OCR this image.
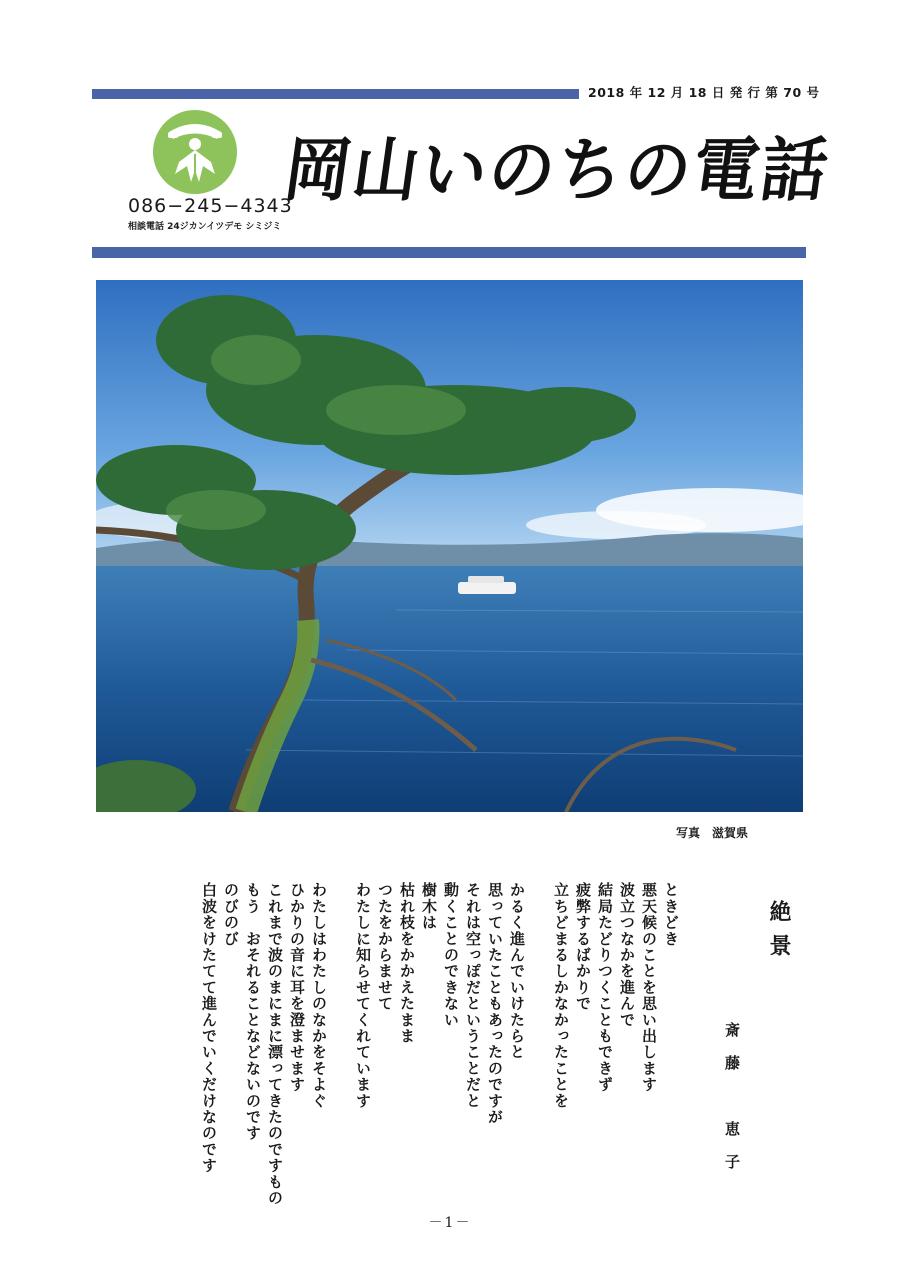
2018 年 12 月 18 日 発 行 第 70 号
086−245−4343
相談電話 24ジカンイツデモ シミジミ
岡山いのちの電話
写真　滋賀県
絶景
斎藤　恵子
ときどき
悪天候のことを思い出します
波立つなかを進んで
結局たどりつくこともできず
疲弊するばかりで
立ちどまるしかなかったことを
かるく進んでいけたらと
思っていたこともあったのですが
それは空っぽだということだと
動くことのできない
樹木は
枯れ枝をかかえたまま
つたをからませて
わたしに知らせてくれています
わたしはわたしのなかをそよぐ
ひかりの音に耳を澄ませます
これまで波のまにまに漂ってきたのですもの
もう　おそれることなどないのです
のびのび
白波をけたてて進んでいくだけなのです
－1－
